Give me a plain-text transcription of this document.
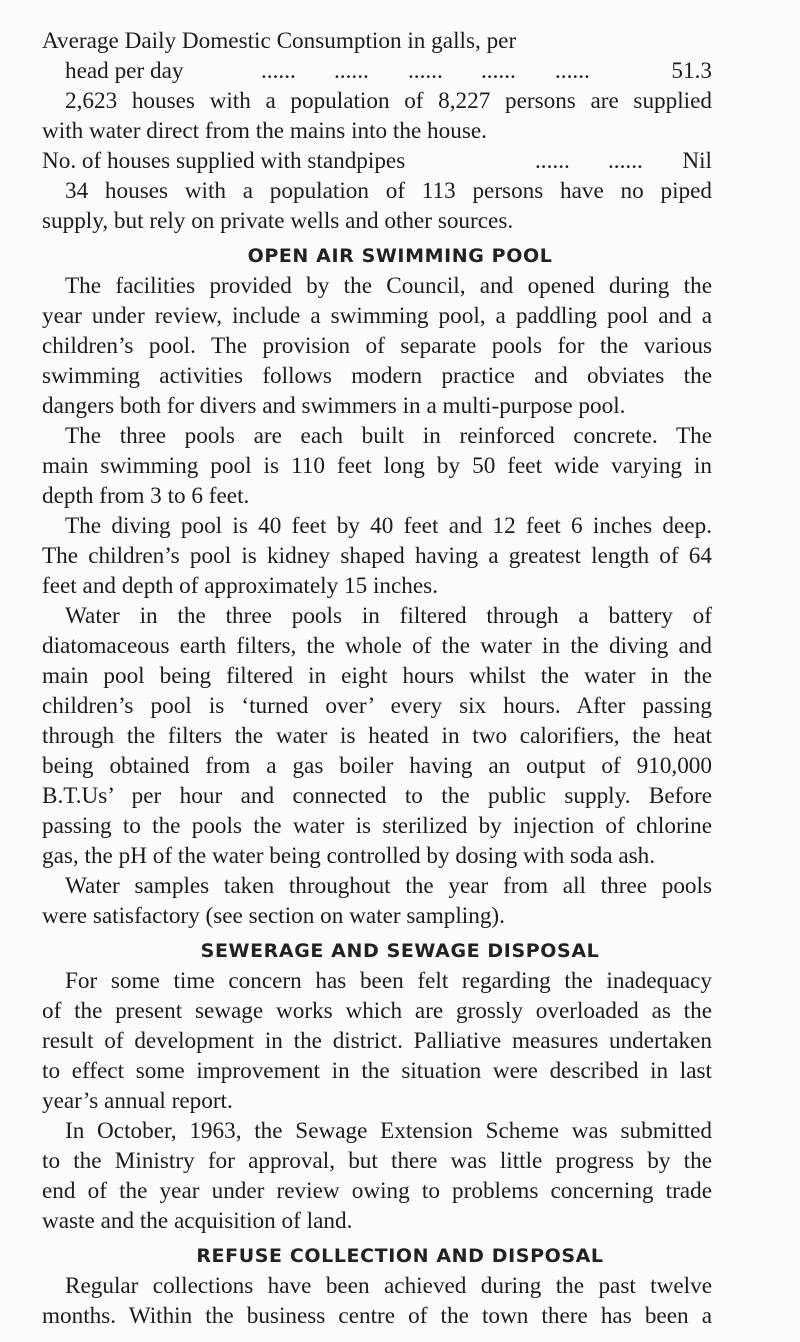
Average Daily Domestic Consumption in galls, per
head per day	...... ...... ...... ...... ......	51.3
2,623 houses with a population of 8,227 persons are supplied
with water direct from the mains into the house.
No. of houses supplied with standpipes	...... ...... Nil
34 houses with a population of 113 persons have no piped
supply, but rely on private wells and other sources.
OPEN AIR SWIMMING POOL
The facilities provided by the Council, and opened during the
year under review, include a swimming pool, a paddling pool and a
children’s pool. The provision of separate pools for the various
swimming activities follows modern practice and obviates the
dangers both for divers and swimmers in a multi-purpose pool.
The three pools are each built in reinforced concrete. The
main swimming pool is 110 feet long by 50 feet wide varying in
depth from 3 to 6 feet.
The diving pool is 40 feet by 40 feet and 12 feet 6 inches deep.
The children’s pool is kidney shaped having a greatest length of 64
feet and depth of approximately 15 inches.
Water in the three pools in filtered through a battery of
diatomaceous earth filters, the whole of the water in the diving and
main pool being filtered in eight hours whilst the water in the
children’s pool is ‘turned over’ every six hours. After passing
through the filters the water is heated in two calorifiers, the heat
being obtained from a gas boiler having an output of 910,000
B.T.Us’ per hour and connected to the public supply. Before
passing to the pools the water is sterilized by injection of chlorine
gas, the pH of the water being controlled by dosing with soda ash.
Water samples taken throughout the year from all three pools
were satisfactory (see section on water sampling).
SEWERAGE AND SEWAGE DISPOSAL
For some time concern has been felt regarding the inadequacy
of the present sewage works which are grossly overloaded as the
result of development in the district. Palliative measures undertaken
to effect some improvement in the situation were described in last
year’s annual report.
In October, 1963, the Sewage Extension Scheme was submitted
to the Ministry for approval, but there was little progress by the
end of the year under review owing to problems concerning trade
waste and the acquisition of land.
REFUSE COLLECTION AND DISPOSAL
Regular collections have been achieved during the past twelve
months. Within the business centre of the town there has been a
